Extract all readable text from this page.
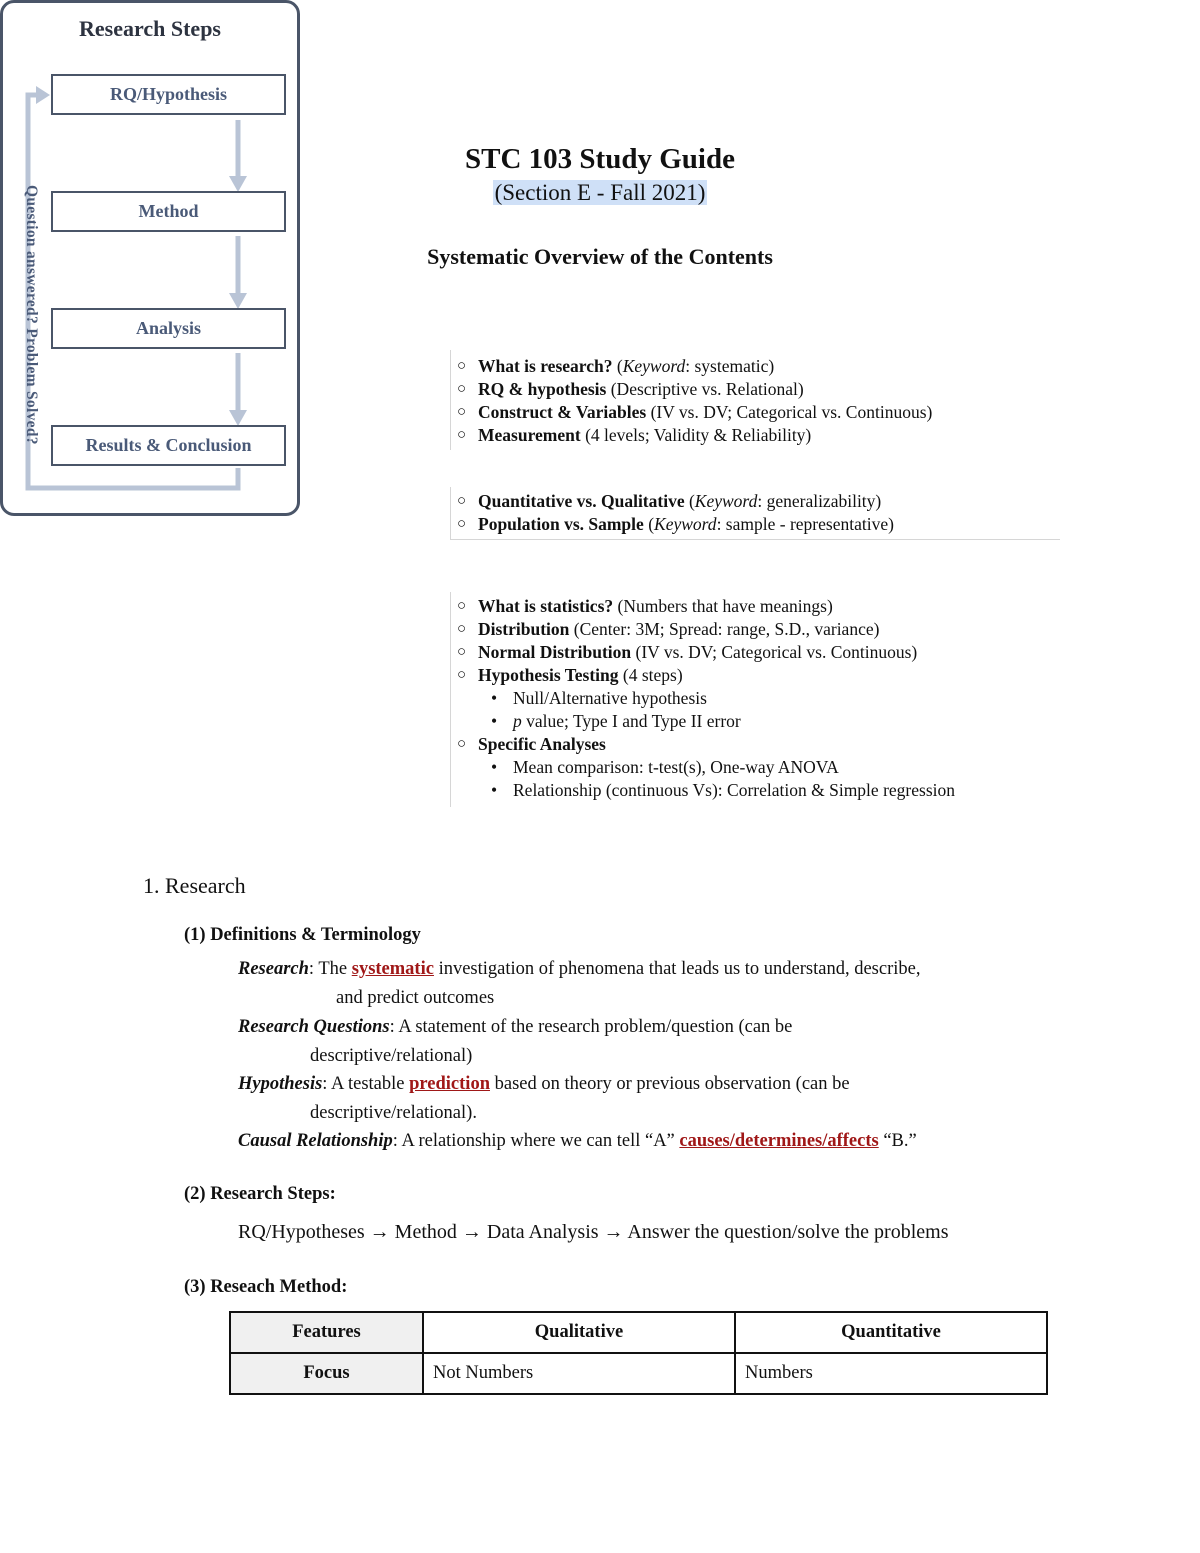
STC 103 Study Guide
(Section E - Fall 2021)
Systematic Overview of the Contents
Research Steps
RQ/Hypothesis
Method
Analysis
Results & Conclusion
Question answered? Problem Solved?	○ What is research? (Keyword: systematic)
○ RQ & hypothesis (Descriptive vs. Relational)
○ Construct & Variables (IV vs. DV; Categorical vs. Continuous)
○ Measurement (4 levels; Validity & Reliability)
○ Quantitative vs. Qualitative (Keyword: generalizability)
○ Population vs. Sample (Keyword: sample - representative)
○ What is statistics? (Numbers that have meanings)
○ Distribution (Center: 3M; Spread: range, S.D., variance)
○ Normal Distribution (IV vs. DV; Categorical vs. Continuous)
○ Hypothesis Testing (4 steps)
• Null/Alternative hypothesis
• p value; Type I and Type II error
○ Specific Analyses
• Mean comparison: t-test(s), One-way ANOVA
• Relationship (continuous Vs): Correlation & Simple regression
1. Research
(1) Definitions & Terminology
Research: The systematic investigation of phenomena that leads us to understand, describe,
and predict outcomes
Research Questions: A statement of the research problem/question (can be
descriptive/relational)
Hypothesis: A testable prediction based on theory or previous observation (can be
descriptive/relational).
Causal Relationship: A relationship where we can tell “A” causes/determines/affects “B.”
(2) Research Steps:
RQ/Hypotheses → Method → Data Analysis → Answer the question/solve the problems
(3) Reseach Method:
Features	Qualitative	Quantitative
Focus	Not Numbers	Numbers
